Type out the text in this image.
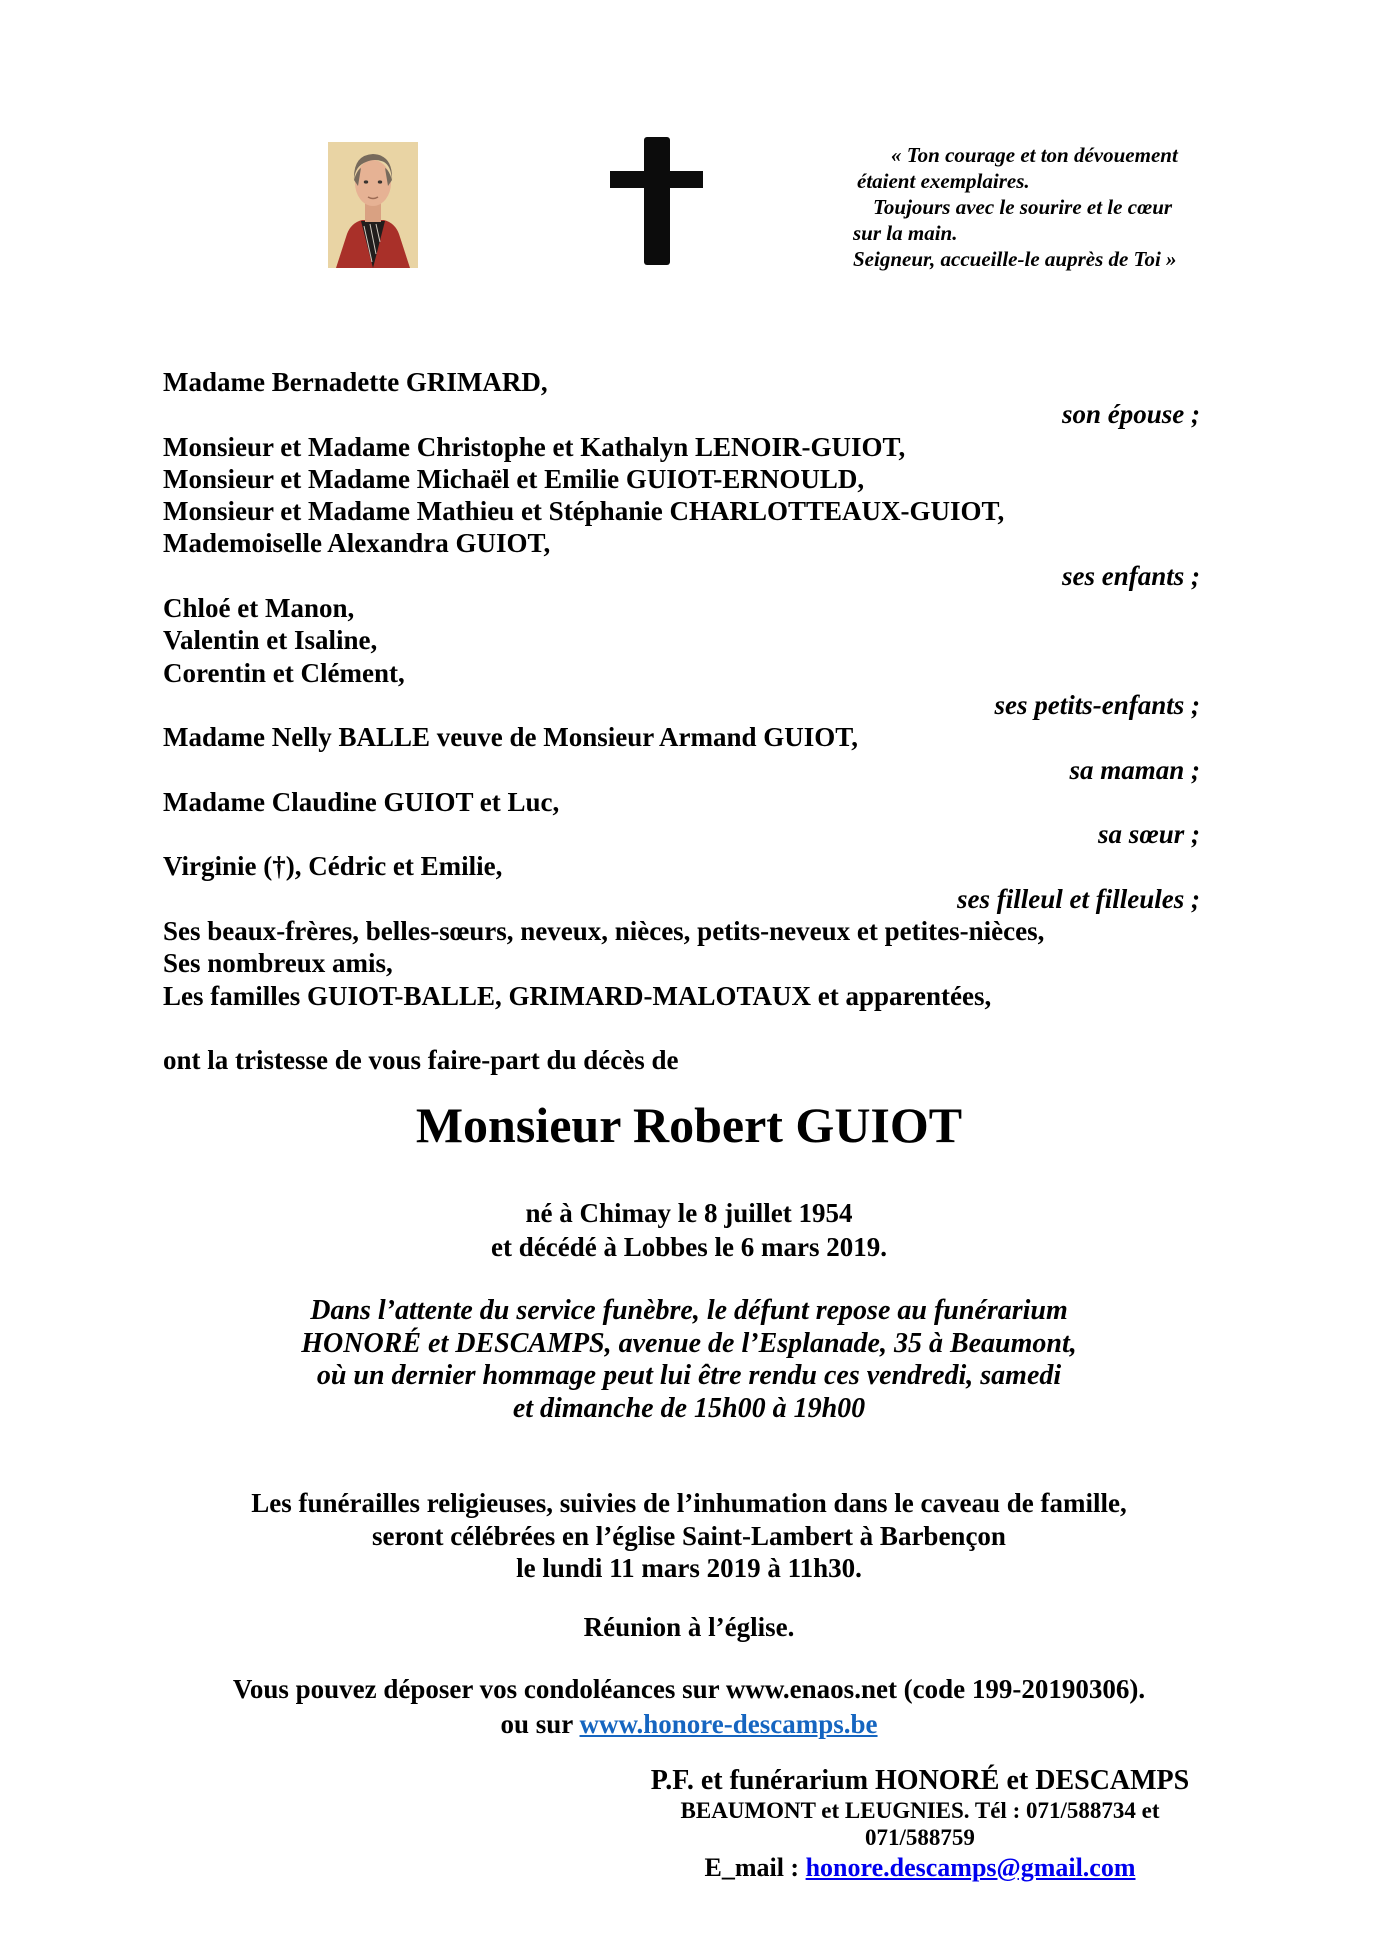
« Ton courage et ton dévouement
étaient exemplaires.
Toujours avec le sourire et le cœur
sur la main.
Seigneur, accueille-le auprès de Toi »
Madame Bernadette GRIMARD,
son épouse ;
Monsieur et Madame Christophe et Kathalyn LENOIR-GUIOT,
Monsieur et Madame Michaël et Emilie GUIOT-ERNOULD,
Monsieur et Madame Mathieu et Stéphanie CHARLOTTEAUX-GUIOT,
Mademoiselle Alexandra GUIOT,
ses enfants ;
Chloé et Manon,
Valentin et Isaline,
Corentin et Clément,
ses petits-enfants ;
Madame Nelly BALLE veuve de Monsieur Armand GUIOT,
sa maman ;
Madame Claudine GUIOT et Luc,
sa sœur ;
Virginie (†), Cédric et Emilie,
ses filleul et filleules ;
Ses beaux-frères, belles-sœurs, neveux, nièces, petits-neveux et petites-nièces,
Ses nombreux amis,
Les familles GUIOT-BALLE, GRIMARD-MALOTAUX et apparentées,
ont la tristesse de vous faire-part du décès de
Monsieur Robert GUIOT
né à Chimay le 8 juillet 1954
et décédé à Lobbes le 6 mars 2019.
Dans l’attente du service funèbre, le défunt repose au funérarium
HONORÉ et DESCAMPS, avenue de l’Esplanade, 35 à Beaumont,
où un dernier hommage peut lui être rendu ces vendredi, samedi
et dimanche de 15h00 à 19h00
Les funérailles religieuses, suivies de l’inhumation dans le caveau de famille,
seront célébrées en l’église Saint-Lambert à Barbençon
le lundi 11 mars 2019 à 11h30.
Réunion à l’église.
Vous pouvez déposer vos condoléances sur www.enaos.net (code 199-20190306).
ou sur www.honore-descamps.be
P.F. et funérarium HONORÉ et DESCAMPS
BEAUMONT et LEUGNIES. Tél : 071/588734 et 071/588759
E_mail : honore.descamps@gmail.com
